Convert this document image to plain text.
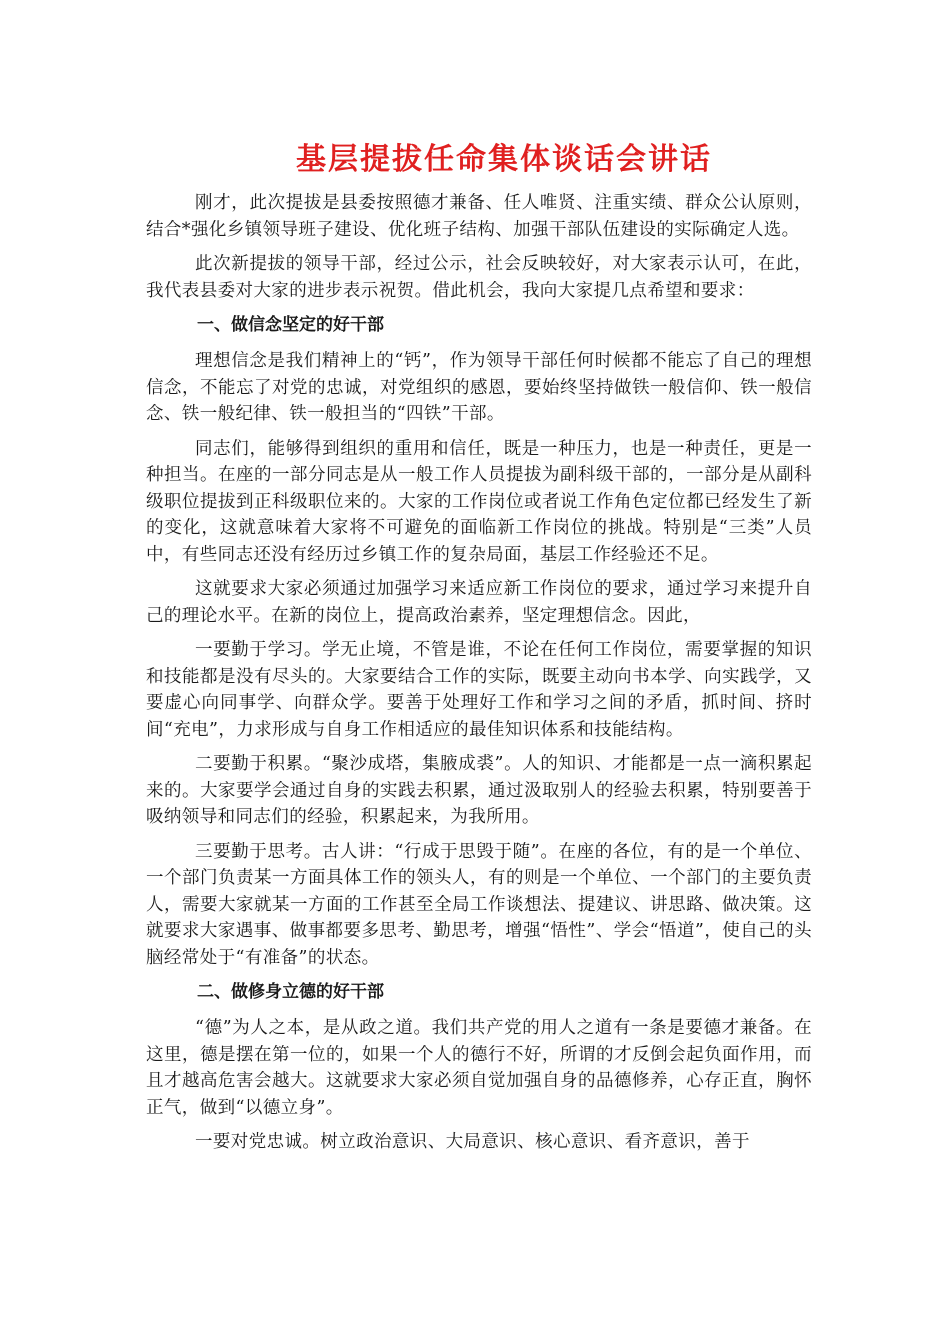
基层提拔任命集体谈话会讲话

刚才，此次提拔是县委按照德才兼备、任人唯贤、注重实绩、群众公认原则，结合*强化乡镇领导班子建设、优化班子结构、加强干部队伍建设的实际确定人选。

此次新提拔的领导干部，经过公示，社会反映较好，对大家表示认可，在此，我代表县委对大家的进步表示祝贺。借此机会，我向大家提几点希望和要求：

一、做信念坚定的好干部

理想信念是我们精神上的“钙”，作为领导干部任何时候都不能忘了自己的理想信念，不能忘了对党的忠诚，对党组织的感恩，要始终坚持做铁一般信仰、铁一般信念、铁一般纪律、铁一般担当的“四铁”干部。

同志们，能够得到组织的重用和信任，既是一种压力，也是一种责任，更是一种担当。在座的一部分同志是从一般工作人员提拔为副科级干部的，一部分是从副科级职位提拔到正科级职位来的。大家的工作岗位或者说工作角色定位都已经发生了新的变化，这就意味着大家将不可避免的面临新工作岗位的挑战。特别是“三类”人员中，有些同志还没有经历过乡镇工作的复杂局面，基层工作经验还不足。

这就要求大家必须通过加强学习来适应新工作岗位的要求，通过学习来提升自己的理论水平。在新的岗位上，提高政治素养，坚定理想信念。因此，

一要勤于学习。学无止境，不管是谁，不论在任何工作岗位，需要掌握的知识和技能都是没有尽头的。大家要结合工作的实际，既要主动向书本学、向实践学，又要虚心向同事学、向群众学。要善于处理好工作和学习之间的矛盾，抓时间、挤时间“充电”，力求形成与自身工作相适应的最佳知识体系和技能结构。

二要勤于积累。“聚沙成塔，集腋成裘”。人的知识、才能都是一点一滴积累起来的。大家要学会通过自身的实践去积累，通过汲取别人的经验去积累，特别要善于吸纳领导和同志们的经验，积累起来，为我所用。

三要勤于思考。古人讲：“行成于思毁于随”。在座的各位，有的是一个单位、一个部门负责某一方面具体工作的领头人，有的则是一个单位、一个部门的主要负责人，需要大家就某一方面的工作甚至全局工作谈想法、提建议、讲思路、做决策。这就要求大家遇事、做事都要多思考、勤思考，增强“悟性”、学会“悟道”，使自己的头脑经常处于“有准备”的状态。

二、做修身立德的好干部

“德”为人之本，是从政之道。我们共产党的用人之道有一条是要德才兼备。在这里，德是摆在第一位的，如果一个人的德行不好，所谓的才反倒会起负面作用，而且才越高危害会越大。这就要求大家必须自觉加强自身的品德修养，心存正直，胸怀正气，做到“以德立身”。

一要对党忠诚。树立政治意识、大局意识、核心意识、看齐意识，善于
